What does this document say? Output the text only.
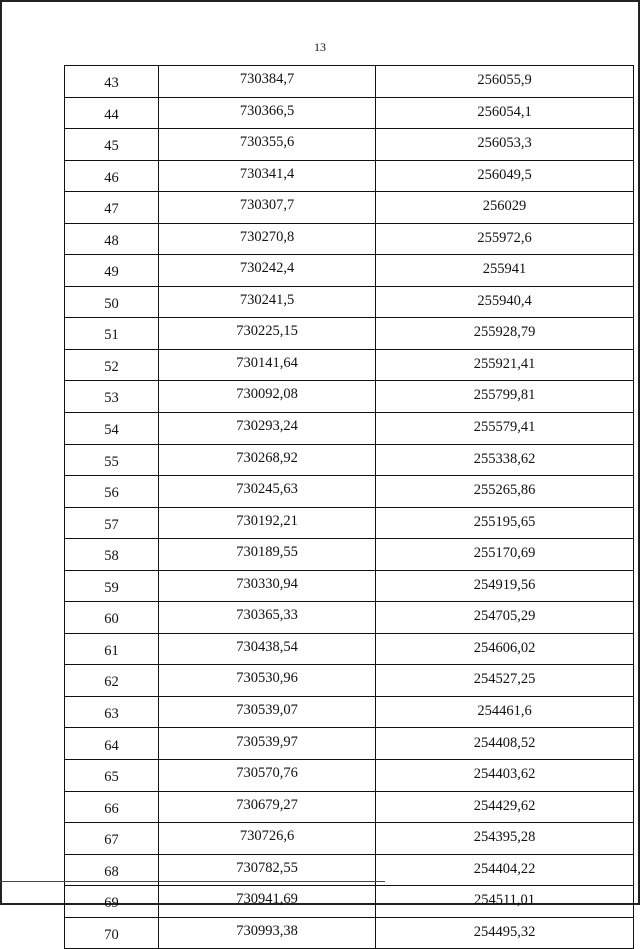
13
43	730384,7	256055,9
44	730366,5	256054,1
45	730355,6	256053,3
46	730341,4	256049,5
47	730307,7	256029
48	730270,8	255972,6
49	730242,4	255941
50	730241,5	255940,4
51	730225,15	255928,79
52	730141,64	255921,41
53	730092,08	255799,81
54	730293,24	255579,41
55	730268,92	255338,62
56	730245,63	255265,86
57	730192,21	255195,65
58	730189,55	255170,69
59	730330,94	254919,56
60	730365,33	254705,29
61	730438,54	254606,02
62	730530,96	254527,25
63	730539,07	254461,6
64	730539,97	254408,52
65	730570,76	254403,62
66	730679,27	254429,62
67	730726,6	254395,28
68	730782,55	254404,22
69	730941,69	254511,01
70	730993,38	254495,32
